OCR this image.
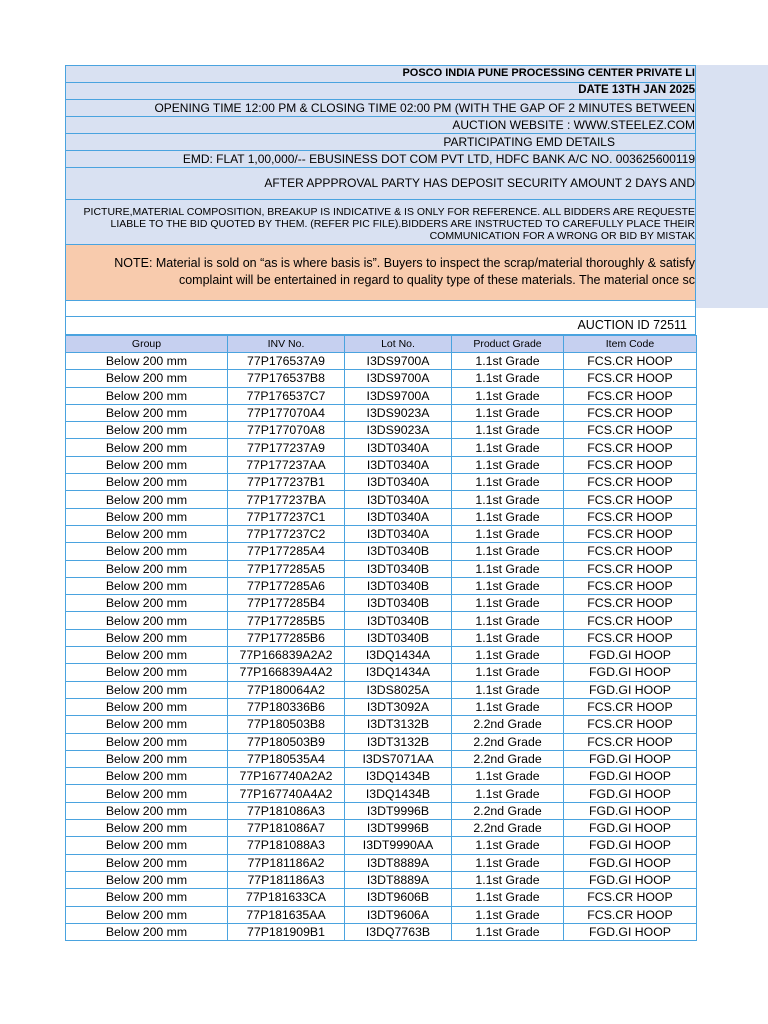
POSCO INDIA PUNE PROCESSING CENTER PRIVATE LI
DATE 13TH JAN 2025
OPENING TIME 12:00 PM & CLOSING TIME 02:00 PM (WITH THE GAP OF 2 MINUTES BETWEEN
AUCTION WEBSITE : WWW.STEELEZ.COM
PARTICIPATING EMD DETAILS
EMD: FLAT 1,00,000/-- EBUSINESS DOT COM PVT LTD, HDFC BANK A/C NO. 003625600119
AFTER APPPROVAL PARTY HAS DEPOSIT SECURITY AMOUNT 2 DAYS AND
PICTURE,MATERIAL COMPOSITION, BREAKUP IS INDICATIVE & IS ONLY FOR REFERENCE. ALL BIDDERS ARE REQUESTE
LIABLE TO THE BID QUOTED BY THEM. (REFER PIC FILE).BIDDERS ARE INSTRUCTED TO CAREFULLY PLACE THEIR
COMMUNICATION FOR A WRONG OR BID BY MISTAK
NOTE: Material is sold on “as is where basis is”. Buyers to inspect the scrap/material thoroughly & satisfy
complaint will be entertained in regard to quality type of these materials. The material once sc
AUCTION ID 72511
Group	INV No.	Lot No.	Product Grade	Item Code
Below 200 mm	77P176537A9	I3DS9700A	1.1st Grade	FCS.CR HOOP
Below 200 mm	77P176537B8	I3DS9700A	1.1st Grade	FCS.CR HOOP
Below 200 mm	77P176537C7	I3DS9700A	1.1st Grade	FCS.CR HOOP
Below 200 mm	77P177070A4	I3DS9023A	1.1st Grade	FCS.CR HOOP
Below 200 mm	77P177070A8	I3DS9023A	1.1st Grade	FCS.CR HOOP
Below 200 mm	77P177237A9	I3DT0340A	1.1st Grade	FCS.CR HOOP
Below 200 mm	77P177237AA	I3DT0340A	1.1st Grade	FCS.CR HOOP
Below 200 mm	77P177237B1	I3DT0340A	1.1st Grade	FCS.CR HOOP
Below 200 mm	77P177237BA	I3DT0340A	1.1st Grade	FCS.CR HOOP
Below 200 mm	77P177237C1	I3DT0340A	1.1st Grade	FCS.CR HOOP
Below 200 mm	77P177237C2	I3DT0340A	1.1st Grade	FCS.CR HOOP
Below 200 mm	77P177285A4	I3DT0340B	1.1st Grade	FCS.CR HOOP
Below 200 mm	77P177285A5	I3DT0340B	1.1st Grade	FCS.CR HOOP
Below 200 mm	77P177285A6	I3DT0340B	1.1st Grade	FCS.CR HOOP
Below 200 mm	77P177285B4	I3DT0340B	1.1st Grade	FCS.CR HOOP
Below 200 mm	77P177285B5	I3DT0340B	1.1st Grade	FCS.CR HOOP
Below 200 mm	77P177285B6	I3DT0340B	1.1st Grade	FCS.CR HOOP
Below 200 mm	77P166839A2A2	I3DQ1434A	1.1st Grade	FGD.GI HOOP
Below 200 mm	77P166839A4A2	I3DQ1434A	1.1st Grade	FGD.GI HOOP
Below 200 mm	77P180064A2	I3DS8025A	1.1st Grade	FGD.GI HOOP
Below 200 mm	77P180336B6	I3DT3092A	1.1st Grade	FCS.CR HOOP
Below 200 mm	77P180503B8	I3DT3132B	2.2nd Grade	FCS.CR HOOP
Below 200 mm	77P180503B9	I3DT3132B	2.2nd Grade	FCS.CR HOOP
Below 200 mm	77P180535A4	I3DS7071AA	2.2nd Grade	FGD.GI HOOP
Below 200 mm	77P167740A2A2	I3DQ1434B	1.1st Grade	FGD.GI HOOP
Below 200 mm	77P167740A4A2	I3DQ1434B	1.1st Grade	FGD.GI HOOP
Below 200 mm	77P181086A3	I3DT9996B	2.2nd Grade	FGD.GI HOOP
Below 200 mm	77P181086A7	I3DT9996B	2.2nd Grade	FGD.GI HOOP
Below 200 mm	77P181088A3	I3DT9990AA	1.1st Grade	FGD.GI HOOP
Below 200 mm	77P181186A2	I3DT8889A	1.1st Grade	FGD.GI HOOP
Below 200 mm	77P181186A3	I3DT8889A	1.1st Grade	FGD.GI HOOP
Below 200 mm	77P181633CA	I3DT9606B	1.1st Grade	FCS.CR HOOP
Below 200 mm	77P181635AA	I3DT9606A	1.1st Grade	FCS.CR HOOP
Below 200 mm	77P181909B1	I3DQ7763B	1.1st Grade	FGD.GI HOOP
